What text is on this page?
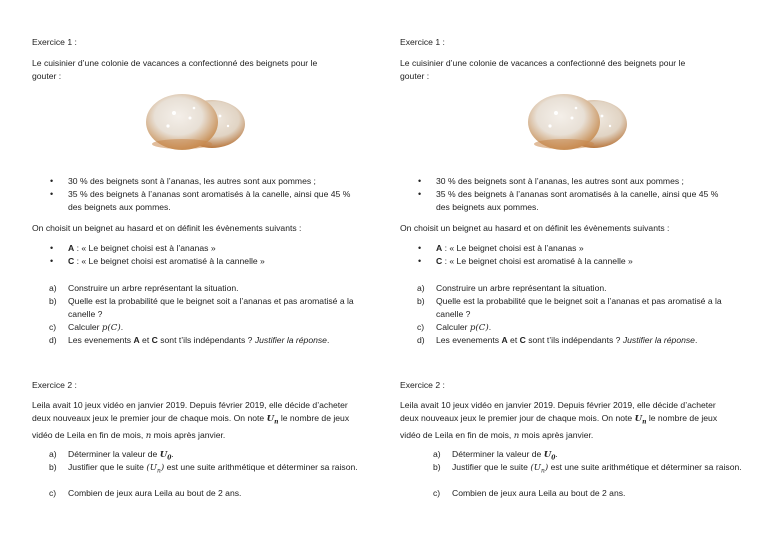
Exercice 1 :
Le cuisinier d’une colonie de vacances a confectionné des beignets pour le gouter :
• 30 % des beignets sont à l’ananas, les autres sont aux pommes ;
• 35 % des beignets à l’ananas sont aromatisés à la canelle, ainsi que 45 % des beignets aux pommes.
On choisit un beignet au hasard et on définit les évènements suivants :
• A : « Le beignet choisi est à l’ananas »
• C : « Le beignet choisi est aromatisé à la cannelle »
a) Construire un arbre représentant la situation.
b) Quelle est la probabilité que le beignet soit a l’ananas et pas aromatisé a la canelle ?
c) Calculer p(C).
d) Les evenements A et C sont t’ils indépendants ? Justifier la réponse.
Exercice 2 :
Leila avait 10 jeux vidéo en janvier 2019. Depuis février 2019, elle décide d’acheter deux nouveaux jeux le premier jour de chaque mois. On note $U_n$ le nombre de jeux vidéo de Leila en fin de mois, n mois après janvier.
a) Déterminer la valeur de $U_0$.
b) Justifier que le suite $(U_n)$ est une suite arithmétique et déterminer sa raison.
c) Combien de jeux aura Leila au bout de 2 ans.
Exercice 1 :
Le cuisinier d’une colonie de vacances a confectionné des beignets pour le gouter :
• 30 % des beignets sont à l’ananas, les autres sont aux pommes ;
• 35 % des beignets à l’ananas sont aromatisés à la canelle, ainsi que 45 % des beignets aux pommes.
On choisit un beignet au hasard et on définit les évènements suivants :
• A : « Le beignet choisi est à l’ananas »
• C : « Le beignet choisi est aromatisé à la cannelle »
a) Construire un arbre représentant la situation.
b) Quelle est la probabilité que le beignet soit a l’ananas et pas aromatisé a la canelle ?
c) Calculer p(C).
d) Les evenements A et C sont t’ils indépendants ? Justifier la réponse.
Exercice 2 :
Leila avait 10 jeux vidéo en janvier 2019. Depuis février 2019, elle décide d’acheter deux nouveaux jeux le premier jour de chaque mois. On note $U_n$ le nombre de jeux vidéo de Leila en fin de mois, n mois après janvier.
a) Déterminer la valeur de $U_0$.
b) Justifier que le suite $(U_n)$ est une suite arithmétique et déterminer sa raison.
c) Combien de jeux aura Leila au bout de 2 ans.
